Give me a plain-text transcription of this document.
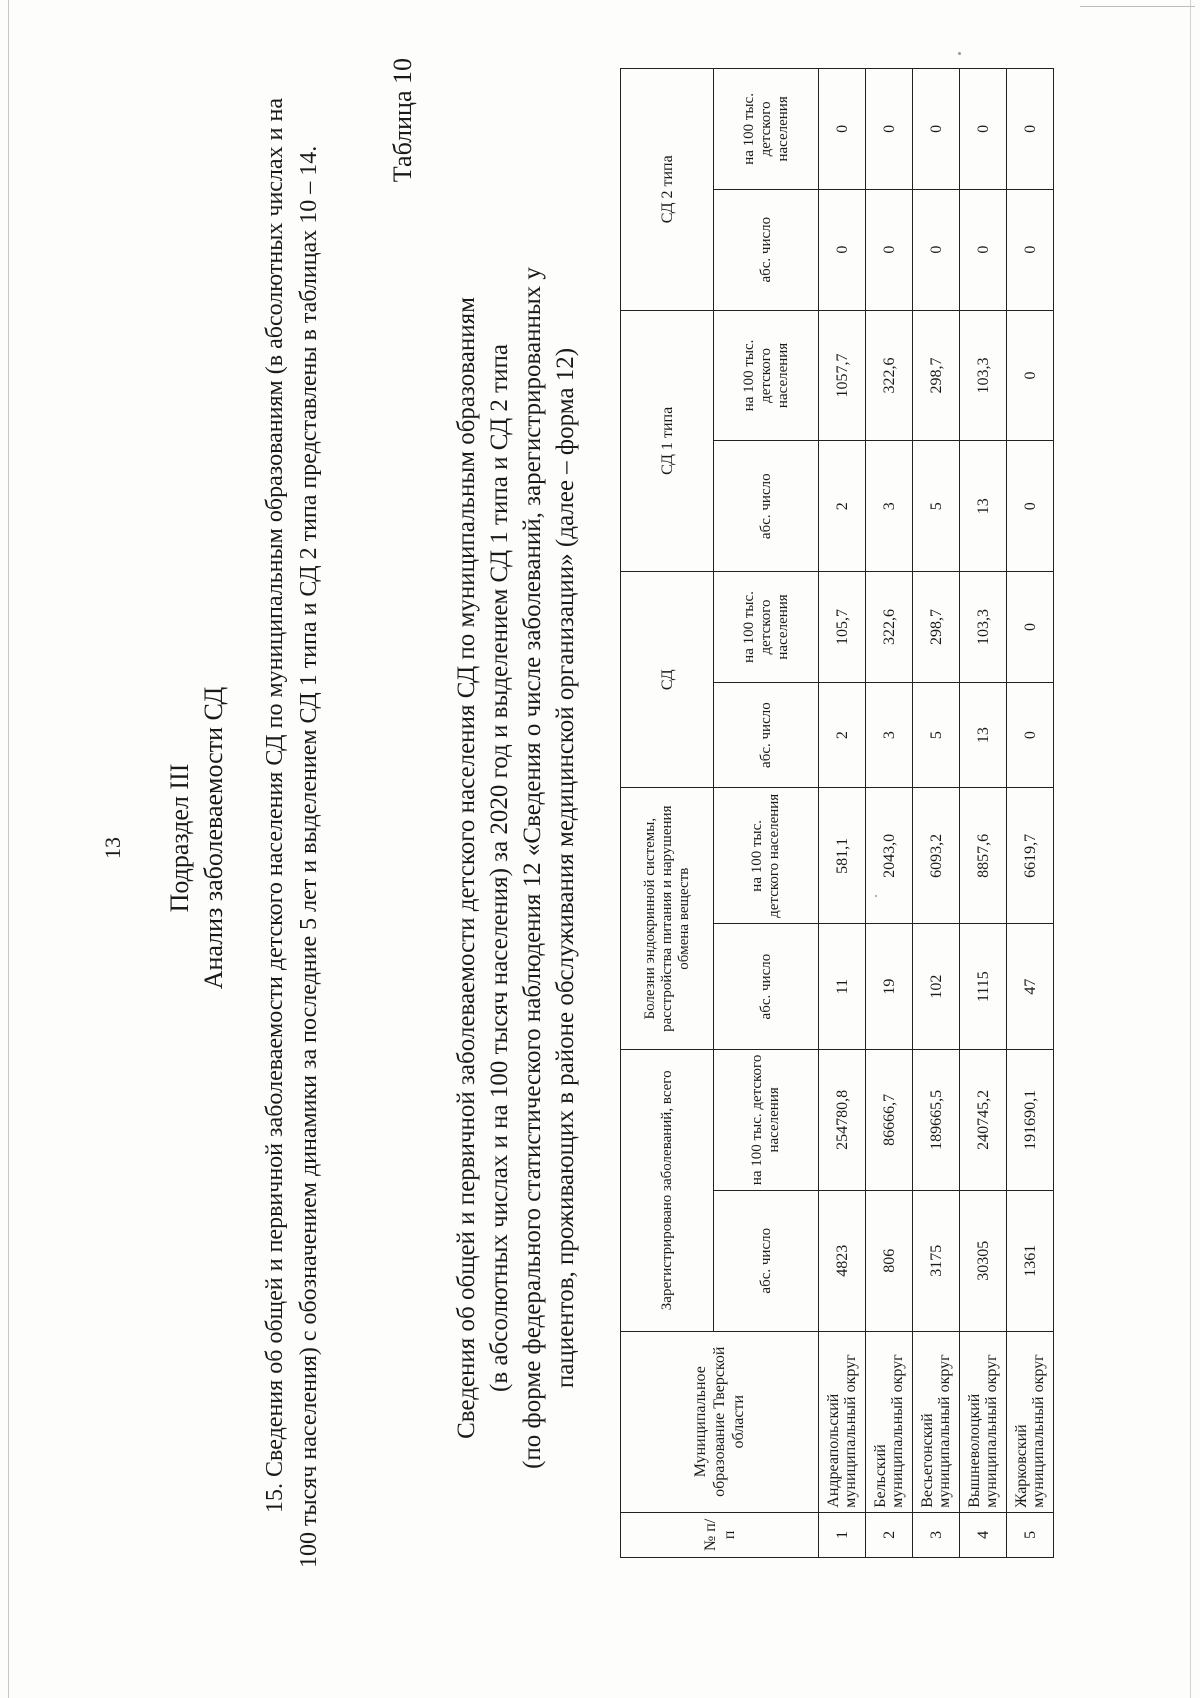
13 Подраздел III Анализ заболеваемости СД 15. Сведения об общей и первичной заболеваемости детского населения СД по муниципальным образованиям (в абсолютных числах и на 100 тысяч населения) с обозначением динамики за последние 5 лет и выделением СД 1 типа и СД 2 типа представлены в таблицах 10 – 14.
Таблица 10
Сведения об общей и первичной заболеваемости детского населения СД по муниципальным образованиям (в абсолютных числах и на 100 тысяч населения) за 2020 год и выделением СД 1 типа и СД 2 типа (по форме федерального статистического наблюдения 12 «Сведения о числе заболеваний, зарегистрированных у пациентов, проживающих в районе обслуживания медицинской организации» (далее – форма 12)
№ п/п	Муниципальное образование Тверской области	Зарегистрировано заболеваний, всего		Болезни эндокринной системы, расстройства питания и нарушения обмена веществ		СД		СД 1 типа		СД 2 типа	
		абс. число	на 100 тыс. детского населения	абс. число	на 100 тыс. детского населения	абс. число	на 100 тыс. детского населения	абс. число	на 100 тыс. детского населения	абс. число	на 100 тыс. детского населения
1	Андреапольский муниципальный округ	4823	254780,8	11	581,1	2	105,7	2	1057,7	0	0
2	Бельский муниципальный округ	806	86666,7	19	2043,0	3	322,6	3	322,6	0	0
3	Весьегонский муниципальный округ	3175	189665,5	102	6093,2	5	298,7	5	298,7	0	0
4	Вышневолоцкий муниципальный округ	30305	240745,2	1115	8857,6	13	103,3	13	103,3	0	0
5	Жарковский муниципальный округ	1361	191690,1	47	6619,7	0	0	0	0	0	0
